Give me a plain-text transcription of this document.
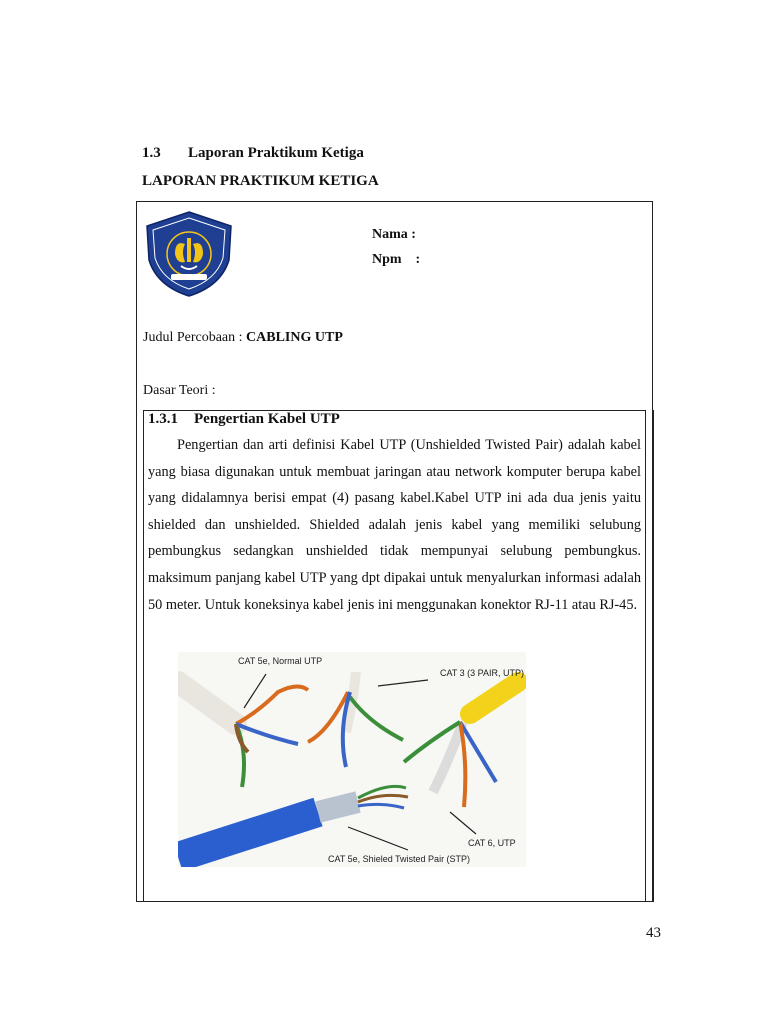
1.3 Laporan Praktikum Ketiga
LAPORAN PRAKTIKUM KETIGA
Nama :
Npm    :
Judul Percobaan : CABLING UTP
Dasar Teori :
1.3.1 Pengertian Kabel UTP
Pengertian dan arti definisi Kabel UTP (Unshielded Twisted Pair) adalah kabel yang biasa digunakan untuk membuat jaringan atau network komputer berupa kabel yang didalamnya berisi empat (4) pasang kabel.Kabel UTP ini ada dua jenis yaitu shielded dan unshielded. Shielded adalah jenis kabel yang memiliki selubung pembungkus sedangkan unshielded tidak mempunyai selubung pembungkus. maksimum panjang kabel UTP yang dpt dipakai untuk menyalurkan informasi adalah 50 meter. Untuk koneksinya kabel jenis ini menggunakan konektor RJ-11 atau RJ-45.
CAT 5e, Normal UTP
CAT 3 (3 PAIR, UTP)
CAT 6, UTP
CAT 5e, Shieled Twisted Pair (STP)
43
